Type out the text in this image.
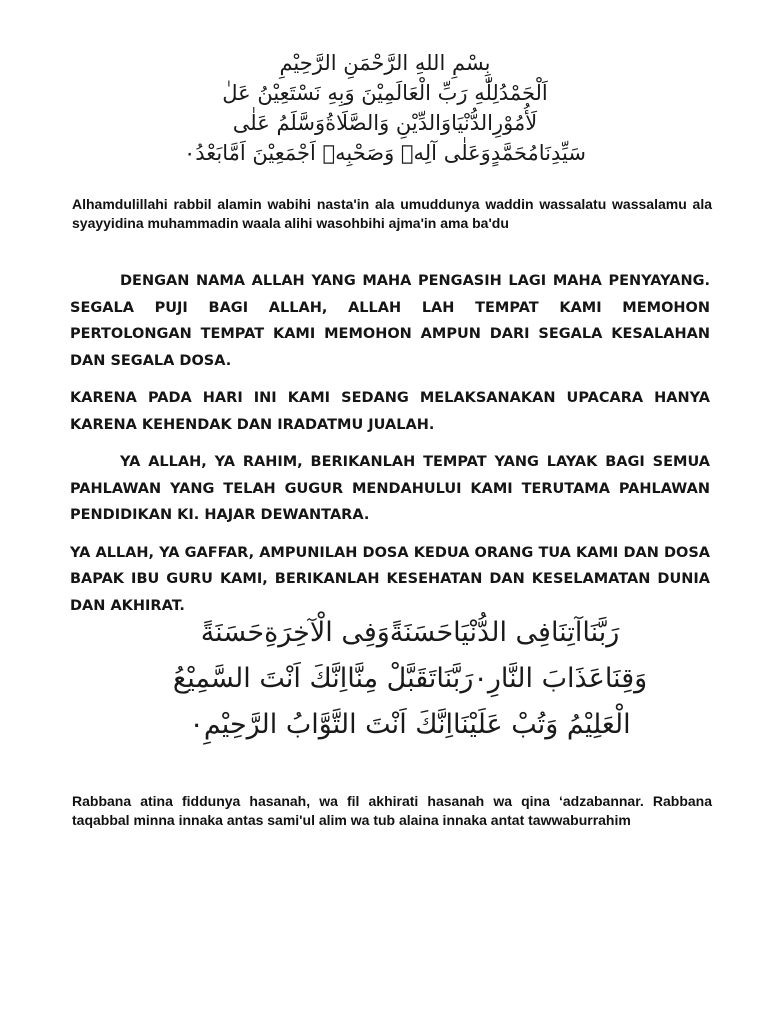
بِسْمِ اللهِ الرَّحْمَنِ الرَّحِيْمِ

اَلْحَمْدُلِلّٰهِ رَبِّ الْعَالَمِيْنَ وَبِهِ نَسْتَعِيْنُ عَلٰ

لَأُمُوْرِالدُّنْيَاوَالدِّيْنِ وَالصَّلَاةُوَسَّلَمُ عَلٰى

سَيِّدِنَامُحَمَّدٍوَعَلٰى آلِهٖ وَصَحْبِهٖ اَجْمَعِيْنَ اَمَّابَعْدُ۰

Alhamdulillahi rabbil alamin wabihi nasta'in ala umuddunya waddin wassalatu wassalamu ala syayyidina muhammadin waala alihi wasohbihi ajma'in ama ba'du

DENGAN NAMA ALLAH YANG MAHA PENGASIH LAGI MAHA PENYAYANG. SEGALA PUJI BAGI ALLAH, ALLAH LAH TEMPAT KAMI MEMOHON PERTOLONGAN TEMPAT KAMI MEMOHON AMPUN DARI SEGALA KESALAHAN DAN SEGALA DOSA.

KARENA PADA HARI INI KAMI SEDANG MELAKSANAKAN UPACARA HANYA KARENA KEHENDAK DAN IRADATMU JUALAH.

YA ALLAH, YA RAHIM, BERIKANLAH TEMPAT YANG LAYAK BAGI SEMUA PAHLAWAN YANG TELAH GUGUR MENDAHULUI KAMI TERUTAMA PAHLAWAN PENDIDIKAN KI. HAJAR DEWANTARA.

YA ALLAH, YA GAFFAR, AMPUNILAH DOSA KEDUA ORANG TUA KAMI DAN DOSA BAPAK IBU GURU KAMI, BERIKANLAH KESEHATAN DAN KESELAMATAN DUNIA DAN AKHIRAT.

رَبَّنَاآتِنَافِى الدُّنْيَاحَسَنَةًوَفِى الْآخِرَةِحَسَنَةً

وَقِنَاعَذَابَ النَّارِ۰رَبَّنَاتَقَبَّلْ مِنَّااِنَّكَ اَنْتَ السَّمِيْعُ

الْعَلِيْمُ وَتُبْ عَلَيْنَااِنَّكَ اَنْتَ التَّوَّابُ الرَّحِيْمِ۰

Rabbana atina fiddunya hasanah, wa fil akhirati hasanah wa qina ‘adzabannar. Rabbana taqabbal minna innaka antas sami'ul alim wa tub alaina innaka antat tawwaburrahim
